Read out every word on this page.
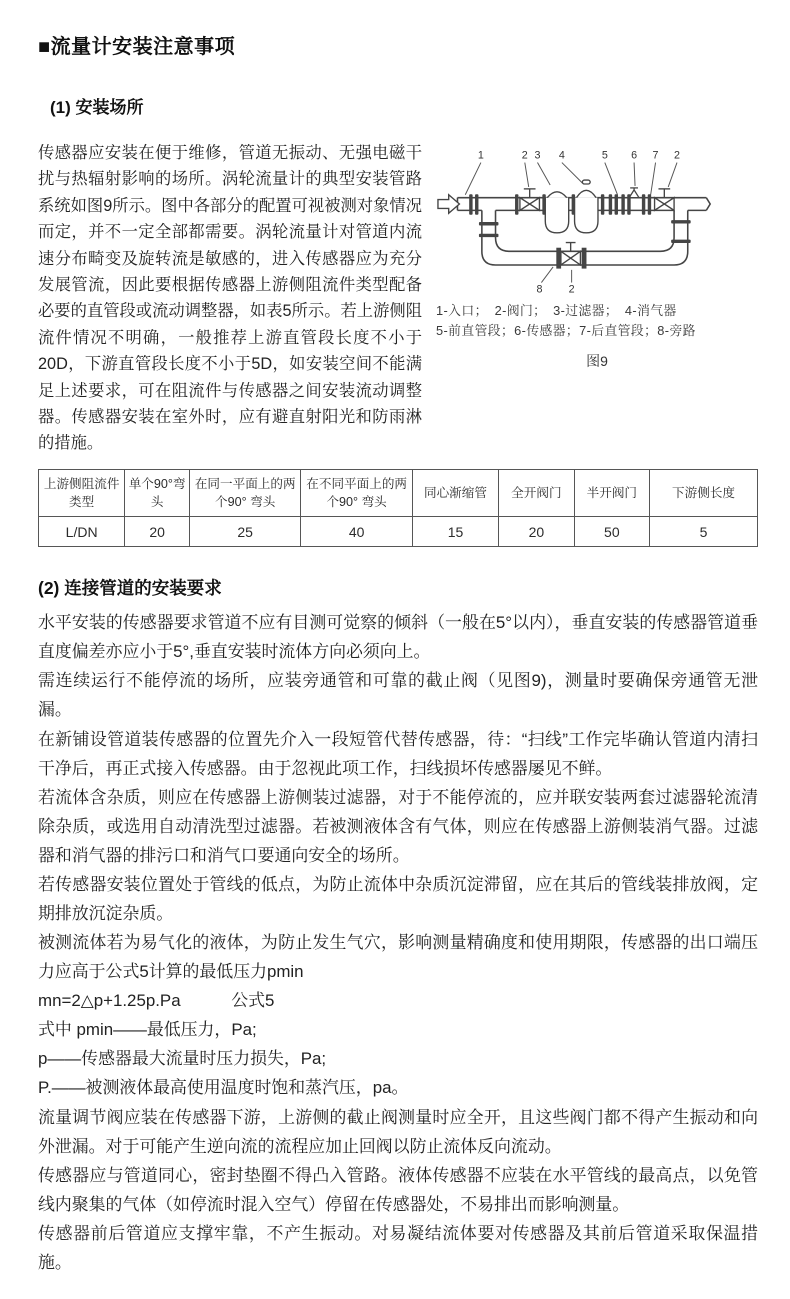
■流量计安装注意事项
(1) 安装场所

传感器应安装在便于维修，管道无振动、无强电磁干扰与热辐射影响的场所。涡轮流量计的典型安装管路系统如图9所示。图中各部分的配置可视被测对象情况而定，并不一定全部都需要。涡轮流量计对管道内流速分布畸变及旋转流是敏感的，进入传感器应为充分发展管流，因此要根据传感器上游侧阻流件类型配备必要的直管段或流动调整器，如表5所示。若上游侧阻流件情况不明确，一般推荐上游直管段长度不小于20D，下游直管段长度不小于5D，如安装空间不能满足上述要求，可在阻流件与传感器之间安装流动调整器。传感器安装在室外时，应有避直射阳光和防雨淋的措施。

1	2 3 4	5 6 7 2
8 2
1-入口；　2-阀门；　3-过滤器；　4-消气器
5-前直管段；6-传感器；7-后直管段；8-旁路
图9
上游侧阻流件类型	单个90°弯头	在同一平面上的两个90° 弯头	在不同平面上的两个90° 弯头	同心渐缩管	全开阀门	半开阀门	下游侧长度
L/DN	20	25	40	15	20	50	5
(2) 连接管道的安装要求

水平安装的传感器要求管道不应有目测可觉察的倾斜（一般在5°以内），垂直安装的传感器管道垂直度偏差亦应小于5°,垂直安装时流体方向必须向上。

需连续运行不能停流的场所，应装旁通管和可靠的截止阀（见图9)，测量时要确保旁通管无泄漏。

在新铺设管道装传感器的位置先介入一段短管代替传感器，待：“扫线”工作完毕确认管道内清扫干净后，再正式接入传感器。由于忽视此项工作，扫线损坏传感器屡见不鲜。

若流体含杂质，则应在传感器上游侧装过滤器，对于不能停流的，应并联安装两套过滤器轮流清除杂质，或选用自动清洗型过滤器。若被测液体含有气体，则应在传感器上游侧装消气器。过滤器和消气器的排污口和消气口要通向安全的场所。

若传感器安装位置处于管线的低点，为防止流体中杂质沉淀滞留，应在其后的管线装排放阀，定期排放沉淀杂质。

被测流体若为易气化的液体，为防止发生气穴，影响测量精确度和使用期限，传感器的出口端压力应高于公式5计算的最低压力pmin

mn=2△p+1.25p.Pa　　　公式5

式中 pmin——最低压力，Pa;

p——传感器最大流量时压力损失，Pa;

P.——被测液体最高使用温度时饱和蒸汽压，pa。

流量调节阀应装在传感器下游，上游侧的截止阀测量时应全开，且这些阀门都不得产生振动和向外泄漏。对于可能产生逆向流的流程应加止回阀以防止流体反向流动。

传感器应与管道同心，密封垫圈不得凸入管路。液体传感器不应装在水平管线的最高点，以免管线内聚集的气体（如停流时混入空气）停留在传感器处，不易排出而影响测量。

传感器前后管道应支撑牢靠，不产生振动。对易凝结流体要对传感器及其前后管道采取保温措施。
